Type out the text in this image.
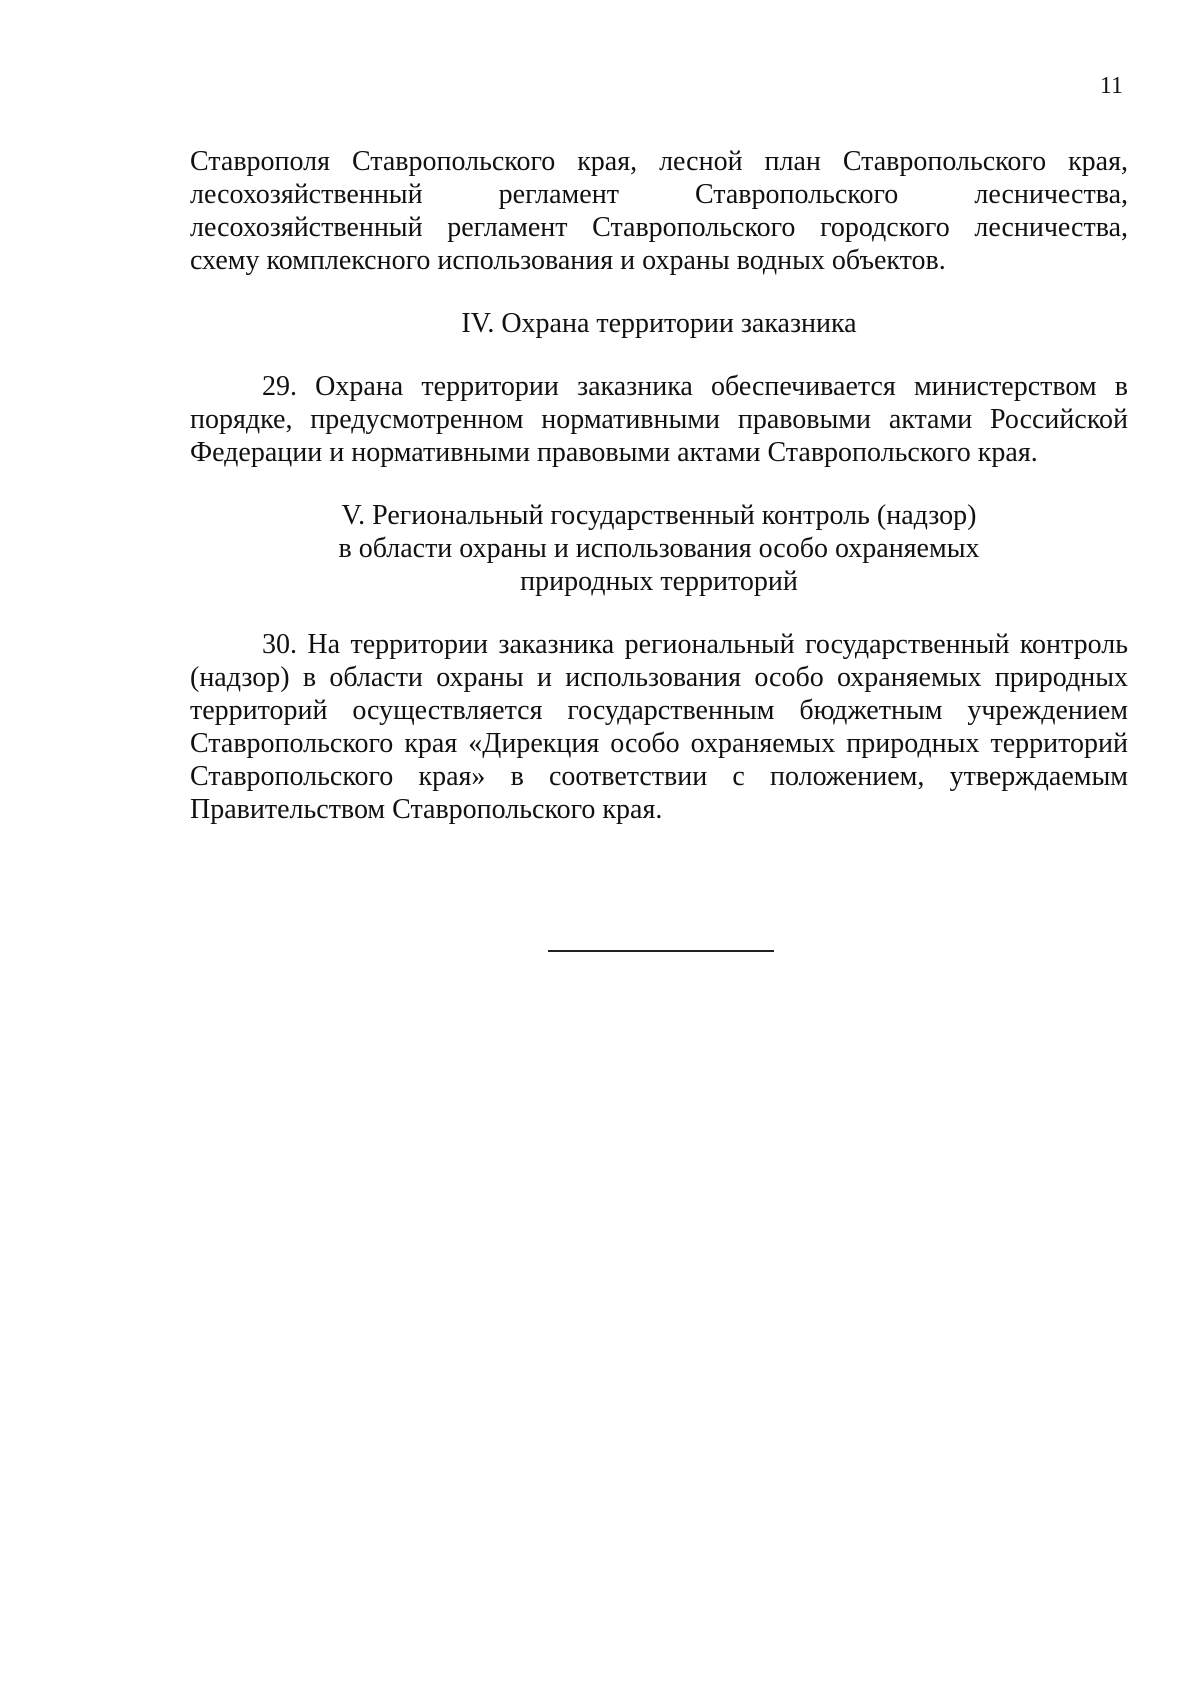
11

Ставрополя Ставропольского края, лесной план Ставропольского края, лесохозяйственный регламент Ставропольского лесничества, лесохозяйственный регламент Ставропольского городского лесничества, схему комплексного использования и охраны водных объектов.

IV. Охрана территории заказника

29. Охрана территории заказника обеспечивается министерством в порядке, предусмотренном нормативными правовыми актами Российской Федерации и нормативными правовыми актами Ставропольского края.

V. Региональный государственный контроль (надзор)
в области охраны и использования особо охраняемых
природных территорий

30. На территории заказника региональный государственный контроль (надзор) в области охраны и использования особо охраняемых природных территорий осуществляется государственным бюджетным учреждением Ставропольского края «Дирекция особо охраняемых природных территорий Ставропольского края» в соответствии с положением, утверждаемым Правительством Ставропольского края.
